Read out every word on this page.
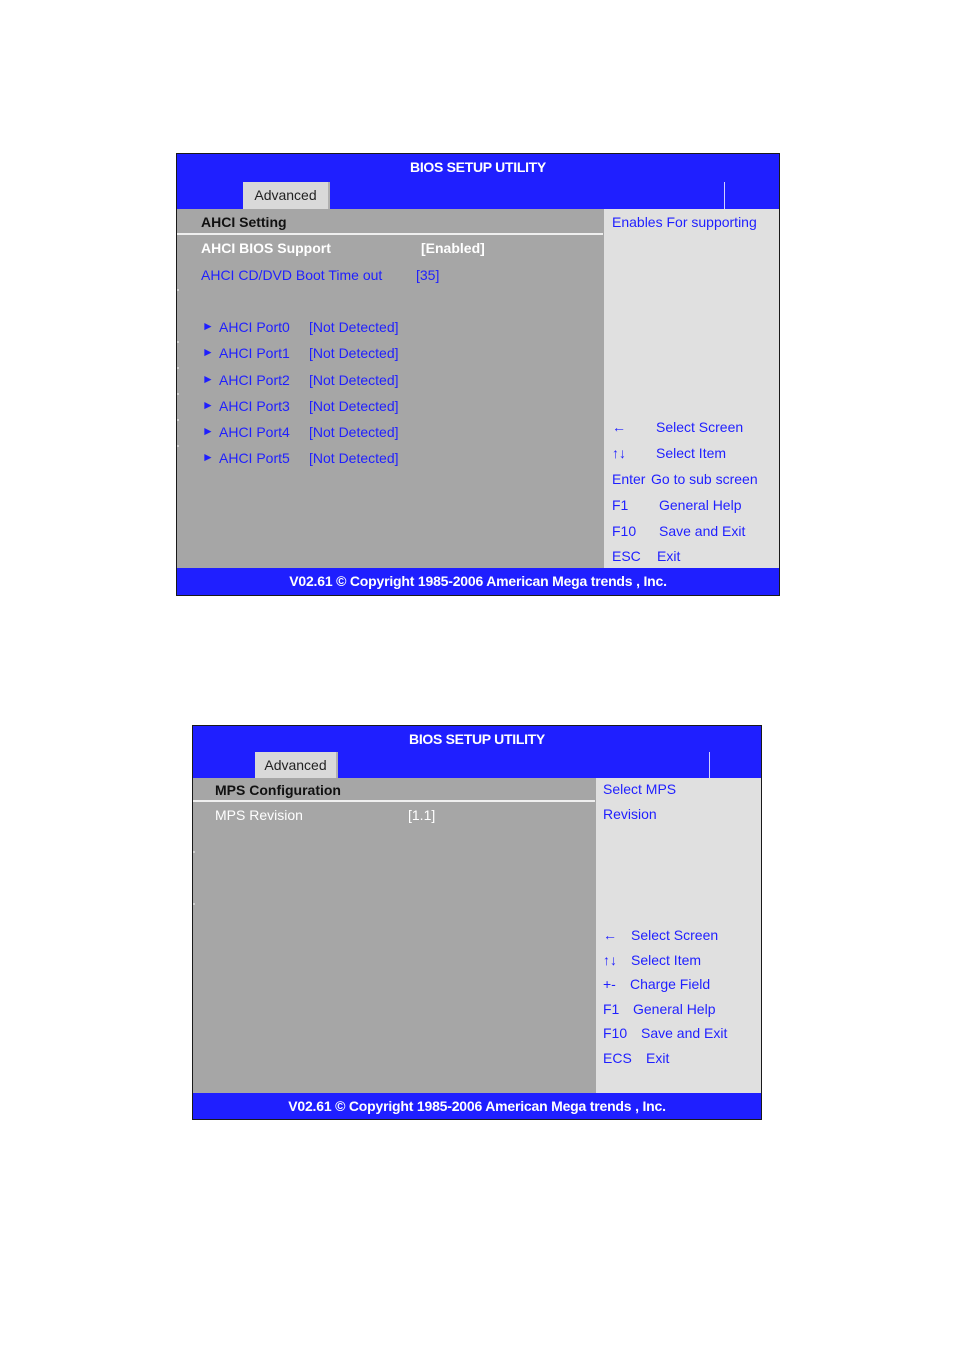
BIOS SETUP UTILITY
Advanced
AHCI Setting
AHCI BIOS Support	[Enabled]
AHCI CD/DVD Boot Time out [35]
► AHCI Port0 [Not Detected]
► AHCI Port1 [Not Detected]
► AHCI Port2 [Not Detected]
► AHCI Port3 [Not Detected]
► AHCI Port4 [Not Detected]
► AHCI Port5 [Not Detected]
Enables For supporting
← Select Screen
↑↓ Select Item
Enter Go to sub screen
F1 General Help
F10 Save and Exit
ESC Exit
V02.61 © Copyright 1985-2006 American Mega trends , Inc.
BIOS SETUP UTILITY
Advanced
MPS Configuration
MPS Revision	[1.1]
Select MPS
Revision
← Select Screen
↑↓ Select Item
+- Charge Field
F1 General Help
F10 Save and Exit
ECS Exit
V02.61 © Copyright 1985-2006 American Mega trends , Inc.
